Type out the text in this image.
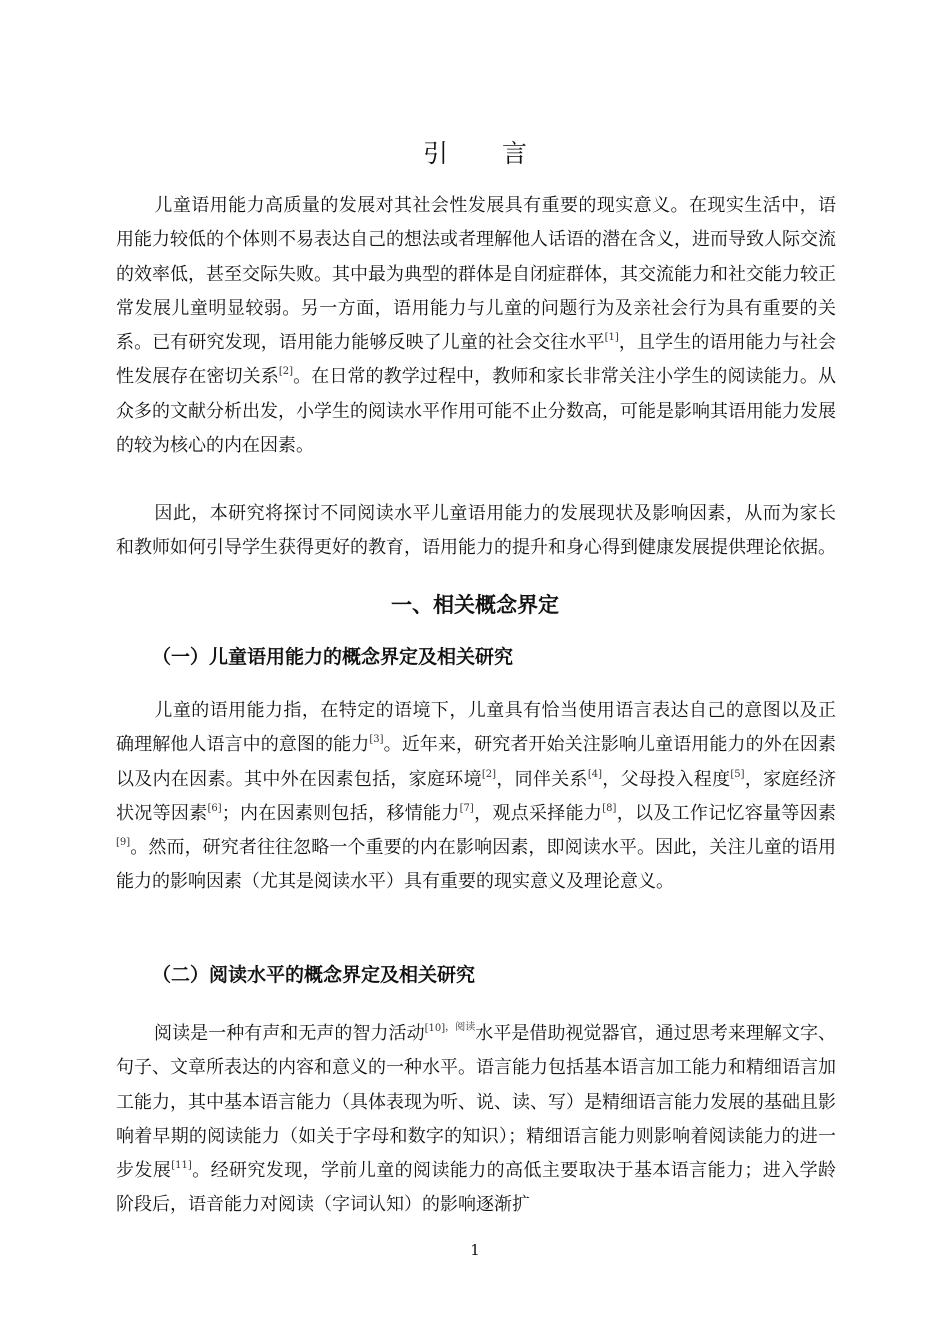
引 言

儿童语用能力高质量的发展对其社会性发展具有重要的现实意义。在现实生活中，语用能力较低的个体则不易表达自己的想法或者理解他人话语的潜在含义，进而导致人际交流的效率低，甚至交际失败。其中最为典型的群体是自闭症群体，其交流能力和社交能力较正常发展儿童明显较弱。另一方面，语用能力与儿童的问题行为及亲社会行为具有重要的关系。已有研究发现，语用能力能够反映了儿童的社会交往水平[1]，且学生的语用能力与社会性发展存在密切关系[2]。在日常的教学过程中，教师和家长非常关注小学生的阅读能力。从众多的文献分析出发，小学生的阅读水平作用可能不止分数高，可能是影响其语用能力发展的较为核心的内在因素。

因此，本研究将探讨不同阅读水平儿童语用能力的发展现状及影响因素，从而为家长和教师如何引导学生获得更好的教育，语用能力的提升和身心得到健康发展提供理论依据。

一、相关概念界定
（一）儿童语用能力的概念界定及相关研究

儿童的语用能力指，在特定的语境下，儿童具有恰当使用语言表达自己的意图以及正确理解他人语言中的意图的能力[3]。近年来，研究者开始关注影响儿童语用能力的外在因素以及内在因素。其中外在因素包括，家庭环境[2]，同伴关系[4]，父母投入程度[5]，家庭经济状况等因素[6]；内在因素则包括，移情能力[7]，观点采择能力[8]，以及工作记忆容量等因素[9]。然而，研究者往往忽略一个重要的内在影响因素，即阅读水平。因此，关注儿童的语用能力的影响因素（尤其是阅读水平）具有重要的现实意义及理论意义。

（二）阅读水平的概念界定及相关研究

阅读是一种有声和无声的智力活动$^{[10],阅读}$水平是借助视觉器官，通过思考来理解文字、句子、文章所表达的内容和意义的一种水平。语言能力包括基本语言加工能力和精细语言加工能力，其中基本语言能力（具体表现为听、说、读、写）是精细语言能力发展的基础且影响着早期的阅读能力（如关于字母和数字的知识）；精细语言能力则影响着阅读能力的进一步发展[11]。经研究发现，学前儿童的阅读能力的高低主要取决于基本语言能力；进入学龄阶段后，语音能力对阅读（字词认知）的影响逐渐扩

1
